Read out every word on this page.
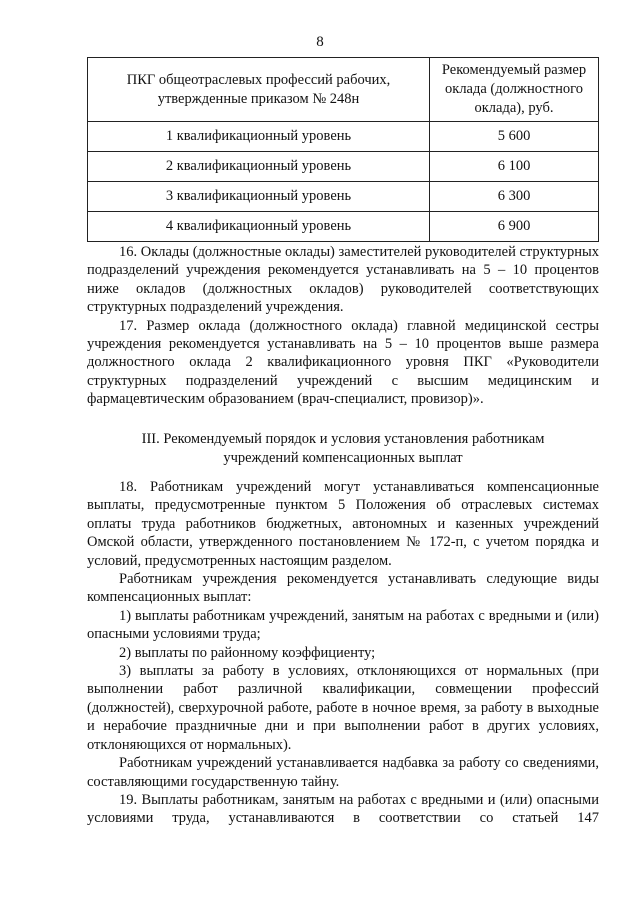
8
ПКГ общеотраслевых профессий рабочих, утвержденные приказом № 248н	Рекомендуемый размер оклада (должностного оклада), руб.
1 квалификационный уровень	5 600
2 квалификационный уровень	6 100
3 квалификационный уровень	6 300
4 квалификационный уровень	6 900

16. Оклады (должностные оклады) заместителей руководителей структурных подразделений учреждения рекомендуется устанавливать на 5 – 10 процентов ниже окладов (должностных окладов) руководителей соответствующих структурных подразделений учреждения.

17. Размер оклада (должностного оклада) главной медицинской сестры учреждения рекомендуется устанавливать на 5 – 10 процентов выше размера должностного оклада 2 квалификационного уровня ПКГ «Руководители структурных подразделений учреждений с высшим медицинским и фармацевтическим образованием (врач-специалист, провизор)».

III. Рекомендуемый порядок и условия установления работникам
учреждений компенсационных выплат

18. Работникам учреждений могут устанавливаться компенсационные выплаты, предусмотренные пунктом 5 Положения об отраслевых системах оплаты труда работников бюджетных, автономных и казенных учреждений Омской области, утвержденного постановлением № 172-п, с учетом порядка и условий, предусмотренных настоящим разделом.

Работникам учреждения рекомендуется устанавливать следующие виды компенсационных выплат:

1) выплаты работникам учреждений, занятым на работах с вредными и (или) опасными условиями труда;

2) выплаты по районному коэффициенту;

3) выплаты за работу в условиях, отклоняющихся от нормальных (при выполнении работ различной квалификации, совмещении профессий (должностей), сверхурочной работе, работе в ночное время, за работу в выходные и нерабочие праздничные дни и при выполнении работ в других условиях, отклоняющихся от нормальных).

Работникам учреждений устанавливается надбавка за работу со сведениями, составляющими государственную тайну.

19. Выплаты работникам, занятым на работах с вредными и (или) опасными условиями труда, устанавливаются в соответствии со статьей 147
